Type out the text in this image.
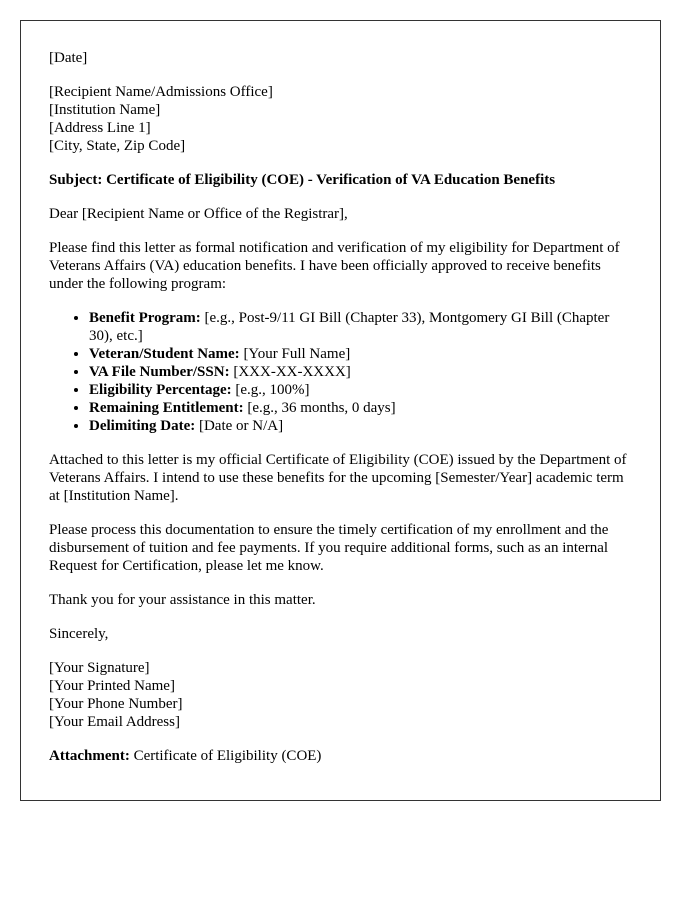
[Date]

[Recipient Name/Admissions Office]
[Institution Name]
[Address Line 1]
[City, State, Zip Code]

Subject: Certificate of Eligibility (COE) - Verification of VA Education Benefits

Dear [Recipient Name or Office of the Registrar],

Please find this letter as formal notification and verification of my eligibility for Department of Veterans Affairs (VA) education benefits. I have been officially approved to receive benefits under the following program:

• Benefit Program: [e.g., Post-9/11 GI Bill (Chapter 33), Montgomery GI Bill (Chapter 30), etc.]
• Veteran/Student Name: [Your Full Name]
• VA File Number/SSN: [XXX-XX-XXXX]
• Eligibility Percentage: [e.g., 100%]
• Remaining Entitlement: [e.g., 36 months, 0 days]
• Delimiting Date: [Date or N/A]

Attached to this letter is my official Certificate of Eligibility (COE) issued by the Department of Veterans Affairs. I intend to use these benefits for the upcoming [Semester/Year] academic term at [Institution Name].

Please process this documentation to ensure the timely certification of my enrollment and the disbursement of tuition and fee payments. If you require additional forms, such as an internal Request for Certification, please let me know.

Thank you for your assistance in this matter.

Sincerely,

[Your Signature]
[Your Printed Name]
[Your Phone Number]
[Your Email Address]

Attachment: Certificate of Eligibility (COE)
